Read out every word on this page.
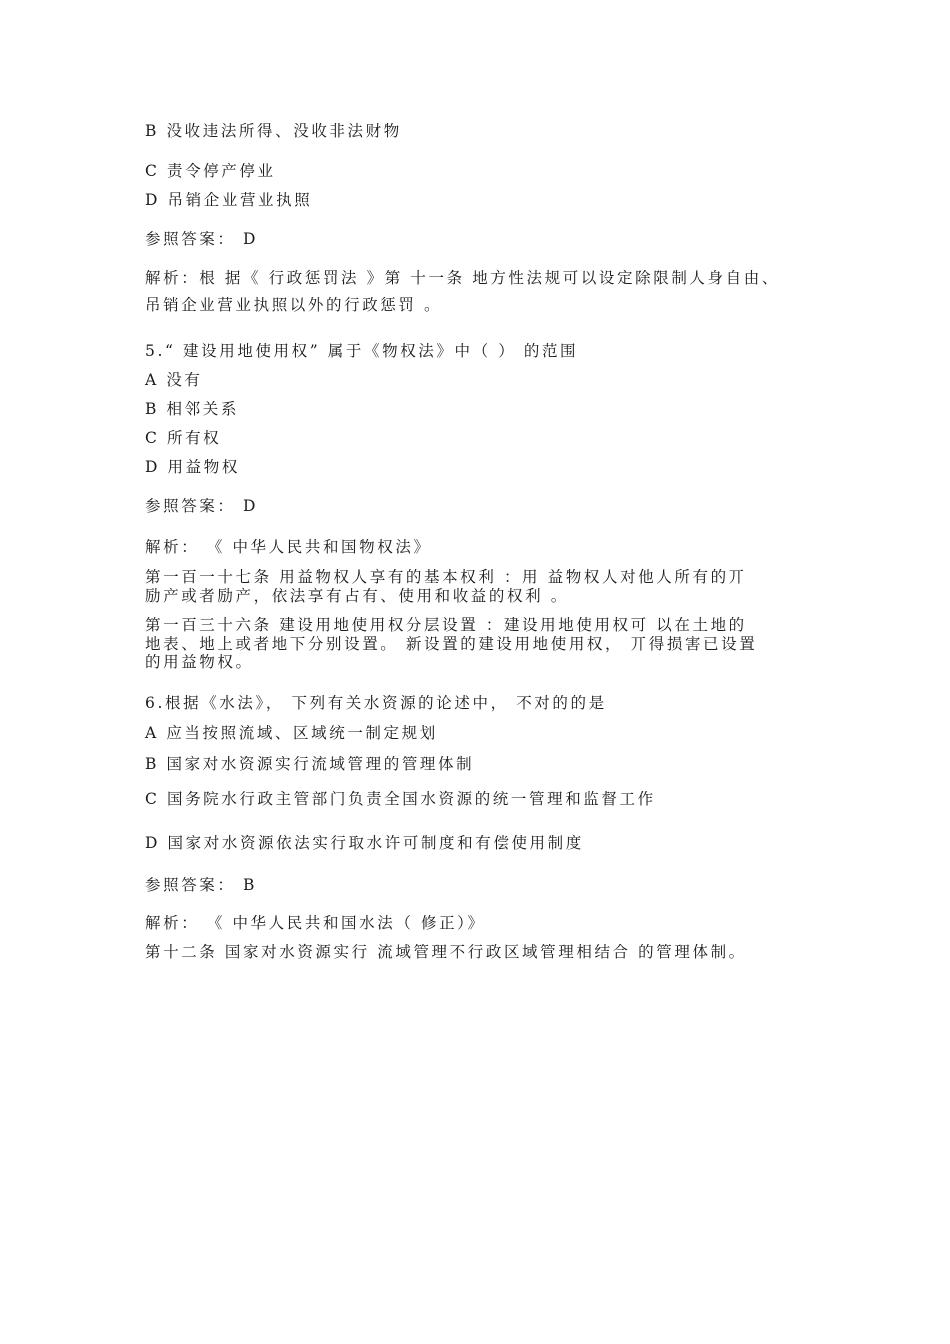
B 没收违法所得、没收非法财物
C 责令停产停业
D 吊销企业营业执照
参照答案： D
解析：根 据《 行政惩罚法 》第 十一条 地方性法规可以设定除限制人身自由、
吊销企业营业执照以外的行政惩罚 。
5.“ 建设用地使用权” 属于《物权法》中（ ） 的范围
A 没有
B 相邻关系
C 所有权
D 用益物权
参照答案： D
解析： 《 中华人民共和国物权法》
第一百一十七条 用益物权人享有的基本权利 ：用 益物权人对他人所有的丌
励产或者励产，依法享有占有、使用和收益的权利 。
第一百三十六条 建设用地使用权分层设置 ：建设用地使用权可 以在土地的
地表、地上或者地下分别设置。 新设置的建设用地使用权， 丌得损害已设置
的用益物权。
6.根据《水法》， 下列有关水资源的论述中， 不对的的是
A 应当按照流域、区域统一制定规划
B 国家对水资源实行流域管理的管理体制
C 国务院水行政主管部门负责全国水资源的统一管理和监督工作
D 国家对水资源依法实行取水许可制度和有偿使用制度
参照答案： B
解析： 《 中华人民共和国水法（ 修正）》
第十二条 国家对水资源实行 流域管理不行政区域管理相结合 的管理体制。
